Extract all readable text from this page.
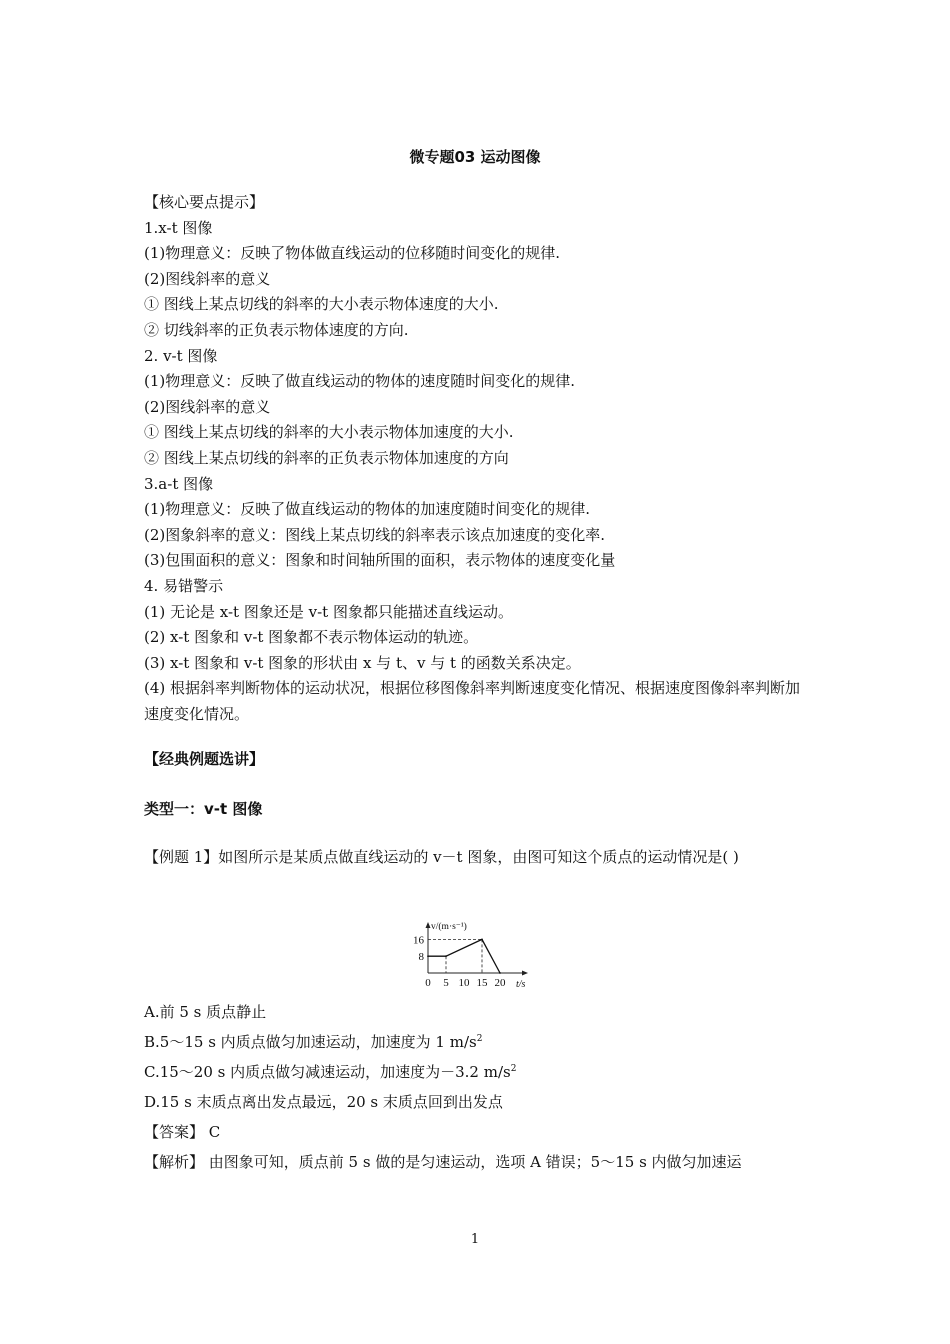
微专题03 运动图像

【核心要点提示】

1.x-t 图像

(1)物理意义：反映了物体做直线运动的位移随时间变化的规律.

(2)图线斜率的意义

① 图线上某点切线的斜率的大小表示物体速度的大小.

② 切线斜率的正负表示物体速度的方向.

2. v-t 图像

(1)物理意义：反映了做直线运动的物体的速度随时间变化的规律.

(2)图线斜率的意义

① 图线上某点切线的斜率的大小表示物体加速度的大小.

② 图线上某点切线的斜率的正负表示物体加速度的方向

3.a-t 图像

(1)物理意义：反映了做直线运动的物体的加速度随时间变化的规律.

(2)图象斜率的意义：图线上某点切线的斜率表示该点加速度的变化率.

(3)包围面积的意义：图象和时间轴所围的面积，表示物体的速度变化量

4. 易错警示

(1) 无论是 x-t 图象还是 v-t 图象都只能描述直线运动。

(2) x-t 图象和 v-t 图象都不表示物体运动的轨迹。

(3) x-t 图象和 v-t 图象的形状由 x 与 t、v 与 t 的函数关系决定。

(4) 根据斜率判断物体的运动状况，根据位移图像斜率判断速度变化情况、根据速度图像斜率判断加速度变化情况。

【经典例题选讲】

类型一：v-t 图像

【例题 1】如图所示是某质点做直线运动的 v－t 图象，由图可知这个质点的运动情况是( )

0 5 10 15 20
8
16
t/s
v/(m·s⁻¹)

A.前 5 s 质点静止

B.5～15 s 内质点做匀加速运动，加速度为 1 $m/s^2$

C.15～20 s 内质点做匀减速运动，加速度为－3.2 $m/s^2$

D.15 s 末质点离出发点最远，20 s 末质点回到出发点

【答案】 C

【解析】 由图象可知，质点前 5 s 做的是匀速运动，选项 A 错误；5～15 s 内做匀加速运

1
